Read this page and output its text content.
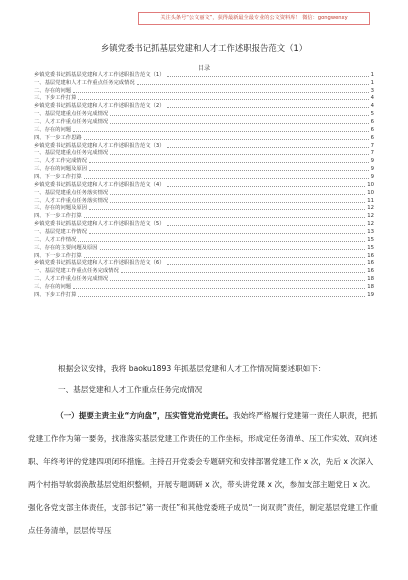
关注头条号“公文丽文”，获得最新最全最专业的公文资料库！ 微信：gongwenxy
乡镇党委书记抓基层党建和人才工作述职报告范文（1）
目录
乡镇党委书记抓基层党建和人才工作述职报告范文（1）	1
一、基层党建和人才工作重点任务完成情况	1
二、存在的问题	3
三、下步工作打算	4
乡镇党委书记抓基层党建和人才工作述职报告范文（2）	4
一、基层党建重点任务完成情况	5
二、人才工作重点任务完成情况	6
三、存在的问题	6
四、下一步工作思路	6
乡镇党委书记抓基层党建和人才工作述职报告范文（3）	7
一、基层党建重点任务完成情况	7
二、人才工作完成情况	9
三、存在的问题及原因	9
四、下一步工作打算	9
乡镇党委书记抓基层党建和人才工作述职报告范文（4）	10
一、基层党建重点任务落实情况	10
二、人才工作重点任务落实情况	11
三、存在的问题及原因	12
四、下一步工作打算	12
乡镇党委书记抓基层党建和人才工作述职报告范文（5）	12
一、基层党建工作情况	13
二、人才工作情况	15
三、存在的主要问题及原因	15
四、下一步工作打算	16
乡镇党委书记抓基层党建和人才工作述职报告范文（6）	16
一、基层党建工作重点任务完成情况	16
二、人才工作重点任务完成情况	18
三、存在的问题	18
四、下步工作打算	19
根据会议安排，我将 baoku1893 年抓基层党建和人才工作情况简要述职如下：
一、基层党建和人才工作重点任务完成情况
（一）提要主责主业“方向盘”，压实管党治党责任。我始终严格履行党建第一责任人职责，把抓党建工作作为第一要务，找准落实基层党建工作责任的工作坐标，形成定任务清单、压工作实效、双向述职、年终考评的党建四项闭环措施。主持召开党委会专题研究和安排部署党建工作 x 次，先后 x 次深入两个村指导软弱涣散基层党组织整顿，开展专题调研 x 次，带头讲党课 x 次，参加支部主题党日 x 次。强化各党支部主体责任，支部书记“第一责任”和其他党委班子成员“一岗双责”责任，制定基层党建工作重点任务清单，层层传导压
